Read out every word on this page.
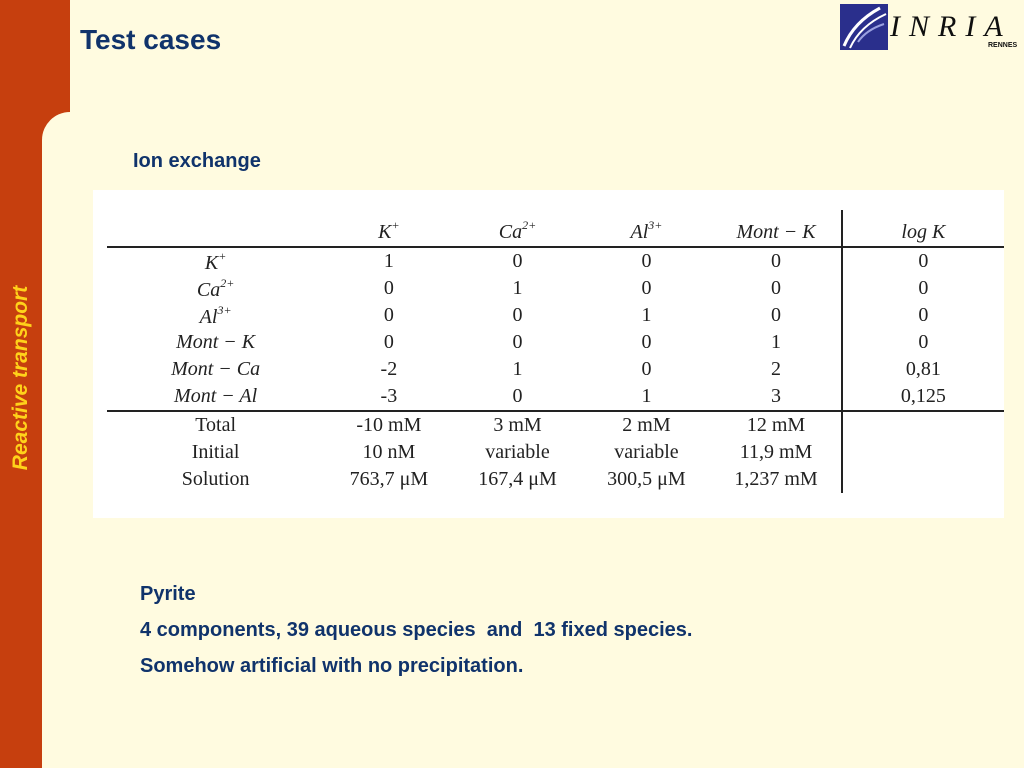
Reactive transport
Test cases	INRIA
RENNES
Ion exchange
	K+	$Ca^{2+}$	$Al^{3+}$	Mont − K	log K
K+	1	0	0	0	0
$Ca^{2+}$	0	1	0	0	0
$Al^{3+}$	0	0	1	0	0
Mont − K	0	0	0	1	0
Mont − Ca	-2	1	0	2	0,81
Mont − Al	-3	0	1	3	0,125
Total	-10 mM	3 mM	2 mM	12 mM	
Initial	10 nM	variable	variable	11,9 mM	
Solution	763,7 μM	167,4 μM	300,5 μM	1,237 mM	
Pyrite
4 components, 39 aqueous species  and  13 fixed species.
Somehow artificial with no precipitation.
